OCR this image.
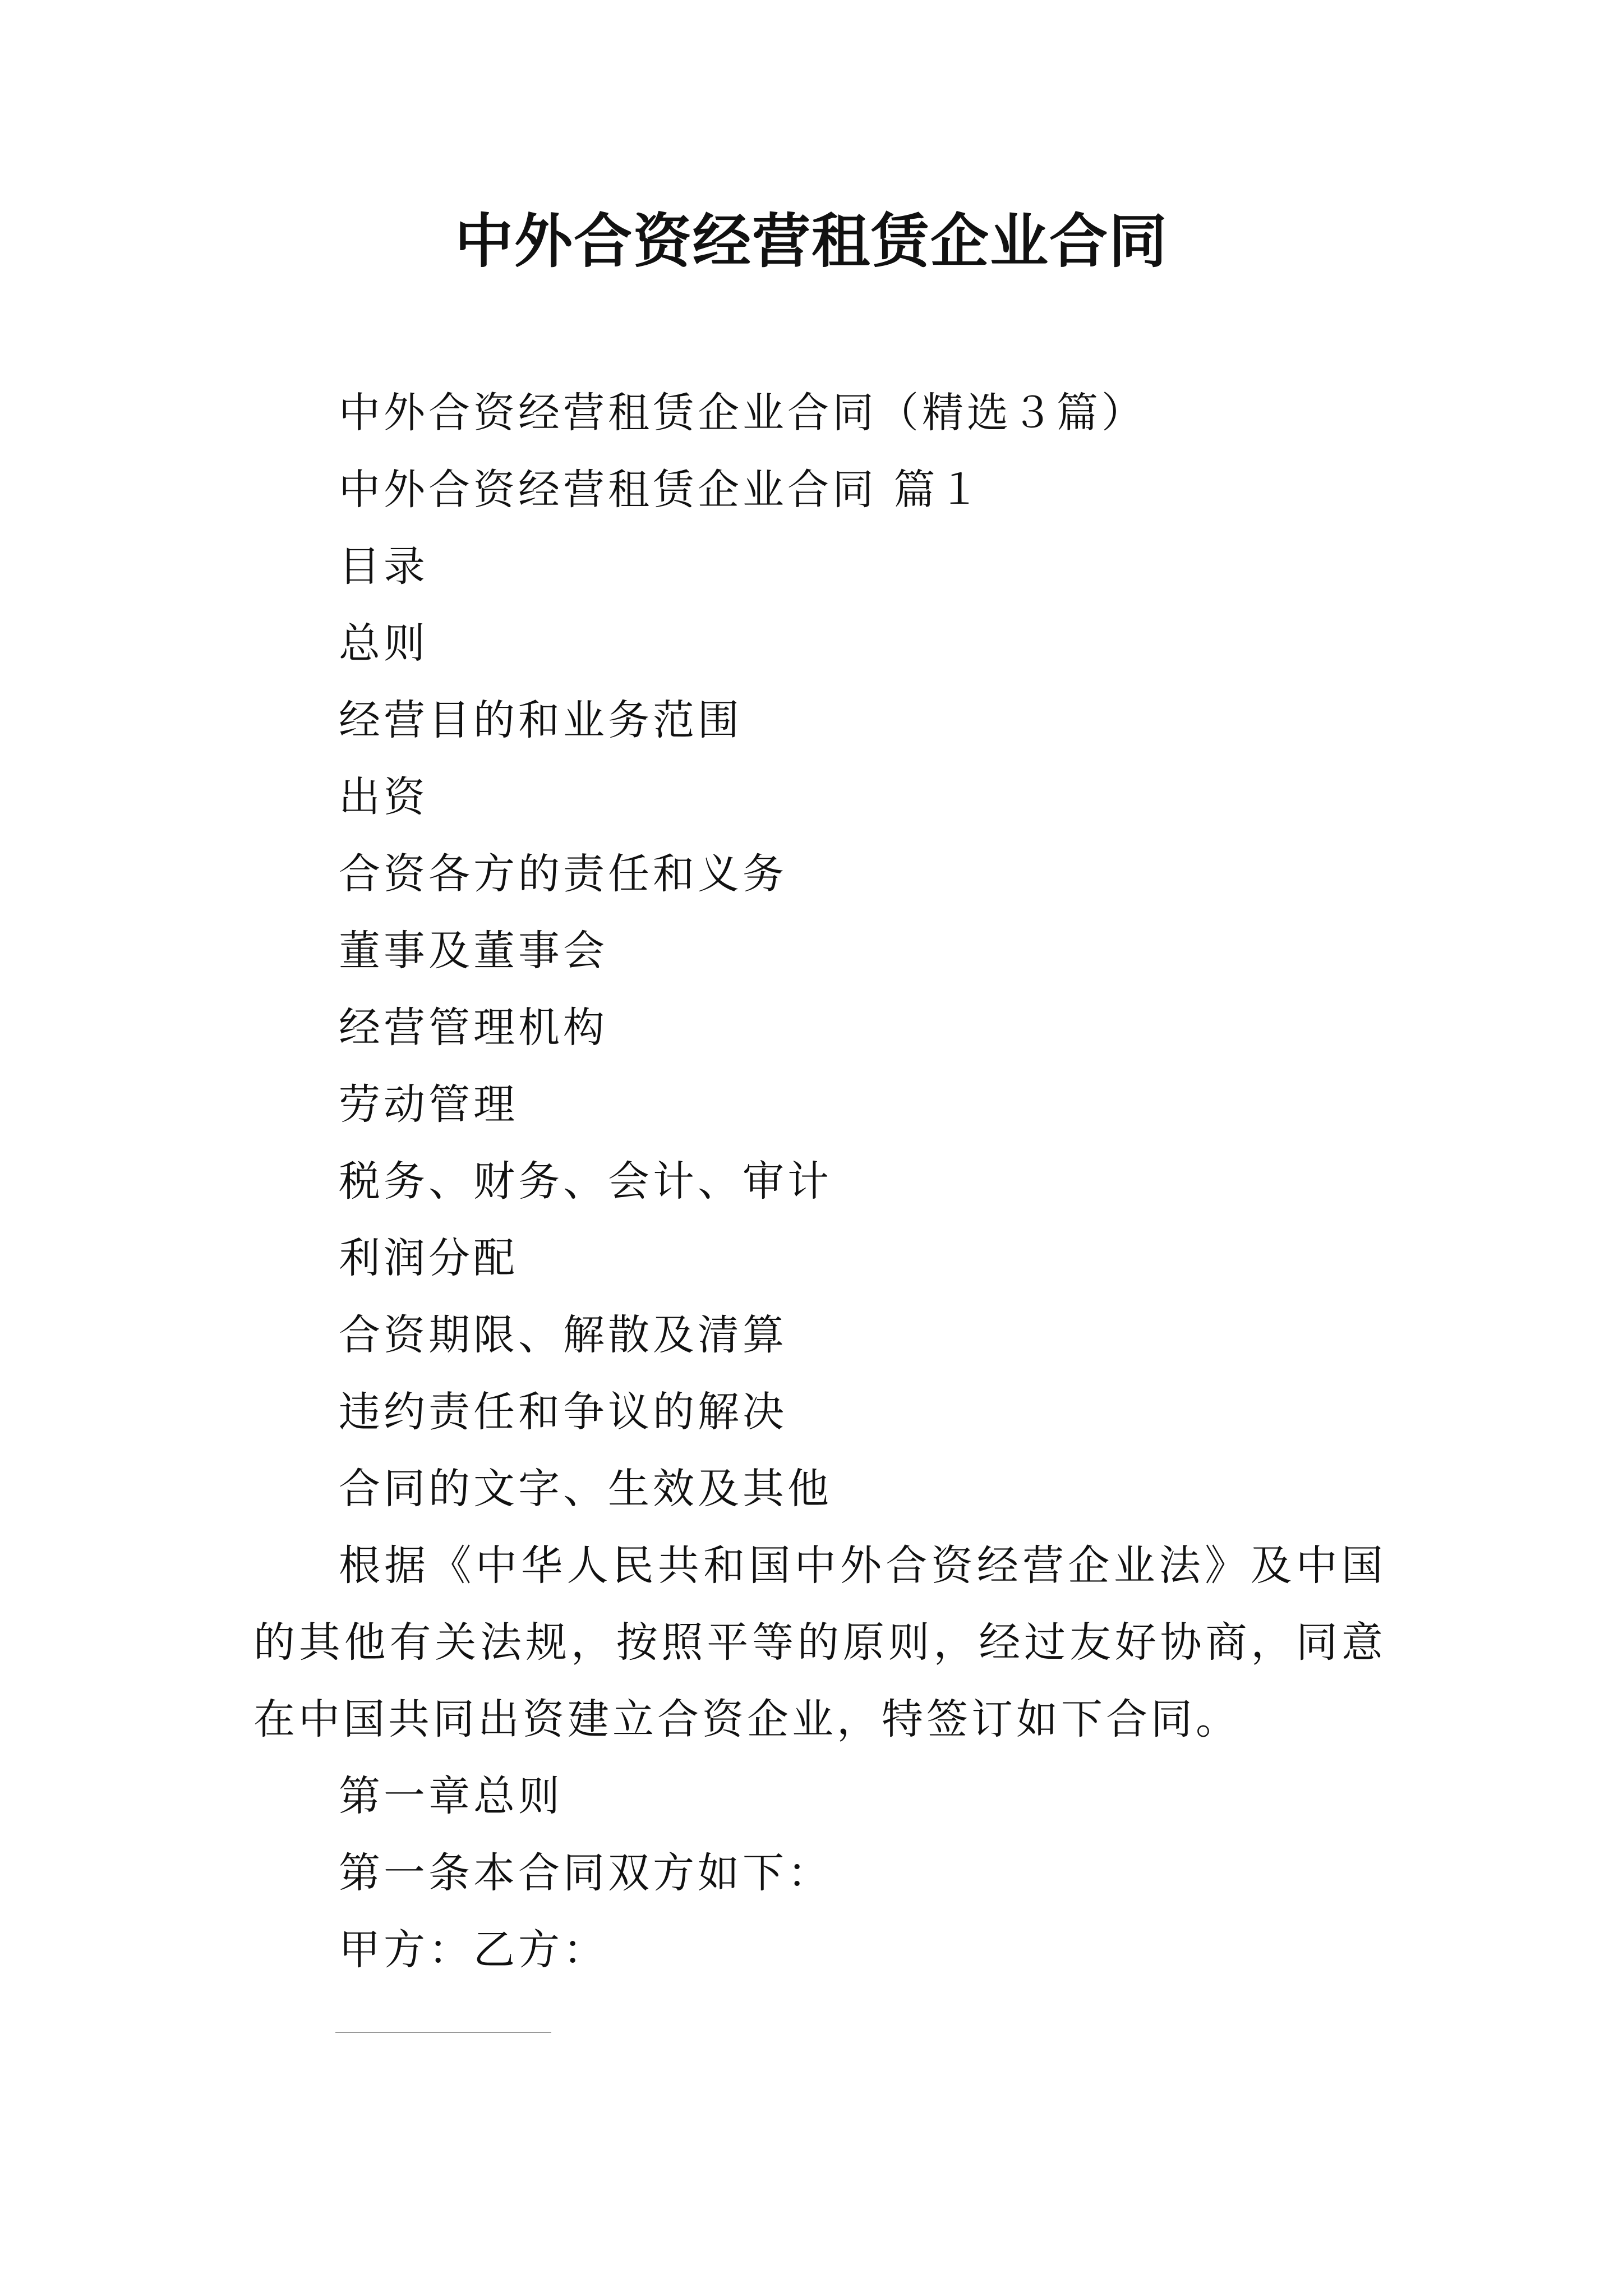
中外合资经营租赁企业合同

中外合资经营租赁企业合同（精选３篇）

中外合资经营租赁企业合同 篇１

目录

总则

经营目的和业务范围

出资

合资各方的责任和义务

董事及董事会

经营管理机构

劳动管理

税务、财务、会计、审计

利润分配

合资期限、解散及清算

违约责任和争议的解决

合同的文字、生效及其他

根据《中华人民共和国中外合资经营企业法》及中国的其他有关法规，按照平等的原则，经过友好协商，同意在中国共同出资建立合资企业，特签订如下合同。

第一章总则

第一条本合同双方如下：

甲方：乙方：
